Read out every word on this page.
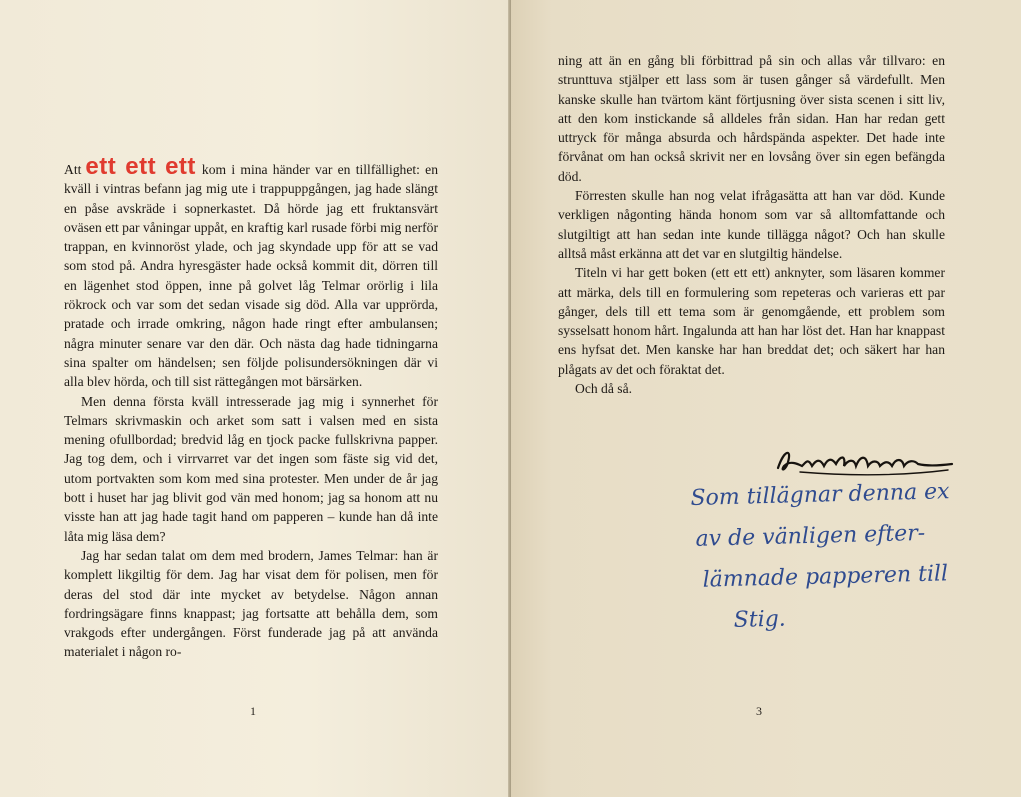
Att ett ett ett kom i mina händer var en tillfällighet: en kväll i vintras befann jag mig ute i trappuppgången, jag hade slängt en påse avskräde i sopnerkastet. Då hörde jag ett fruktansvärt oväsen ett par våningar uppåt, en kraftig karl rusade förbi mig nerför trappan, en kvinnoröst ylade, och jag skyndade upp för att se vad som stod på. Andra hyresgäster hade också kommit dit, dörren till en lägenhet stod öppen, inne på golvet låg Telmar orörlig i lila rökrock och var som det sedan visade sig död. Alla var upprörda, pratade och irrade omkring, någon hade ringt efter ambulansen; några minuter senare var den där. Och nästa dag hade tidningarna sina spalter om händelsen; sen följde polisundersökningen där vi alla blev hörda, och till sist rättegången mot bärsärken.

Men denna första kväll intresserade jag mig i synnerhet för Telmars skrivmaskin och arket som satt i valsen med en sista mening ofullbordad; bredvid låg en tjock packe fullskrivna papper. Jag tog dem, och i virrvarret var det ingen som fäste sig vid det, utom portvakten som kom med sina protester. Men under de år jag bott i huset har jag blivit god vän med honom; jag sa honom att nu visste han att jag hade tagit hand om papperen – kunde han då inte låta mig läsa dem?

Jag har sedan talat om dem med brodern, James Telmar: han är komplett likgiltig för dem. Jag har visat dem för polisen, men för deras del stod där inte mycket av betydelse. Någon annan fordringsägare finns knappast; jag fortsatte att behålla dem, som vrakgods efter undergången. Först funderade jag på att använda materialet i någon ro-

1

ning att än en gång bli förbittrad på sin och allas vår tillvaro: en strunttuva stjälper ett lass som är tusen gånger så värdefullt. Men kanske skulle han tvärtom känt förtjusning över sista scenen i sitt liv, att den kom instickande så alldeles från sidan. Han har redan gett uttryck för många absurda och hårdspända aspekter. Det hade inte förvånat om han också skrivit ner en lovsång över sin egen befängda död.

Förresten skulle han nog velat ifrågasätta att han var död. Kunde verkligen någonting hända honom som var så alltomfattande och slutgiltigt att han sedan inte kunde tillägga något? Och han skulle alltså måst erkänna att det var en slutgiltig händelse.

Titeln vi har gett boken (ett ett ett) anknyter, som läsaren kommer att märka, dels till en formulering som repeteras och varieras ett par gånger, dels till ett tema som är genomgående, ett problem som sysselsatt honom hårt. Ingalunda att han har löst det. Han har knappast ens hyfsat det. Men kanske har han breddat det; och säkert har han plågats av det och föraktat det.

Och då så.

Som tillägnar denna ex
av de vänligen efter-
lämnade papperen till
Stig.
3
